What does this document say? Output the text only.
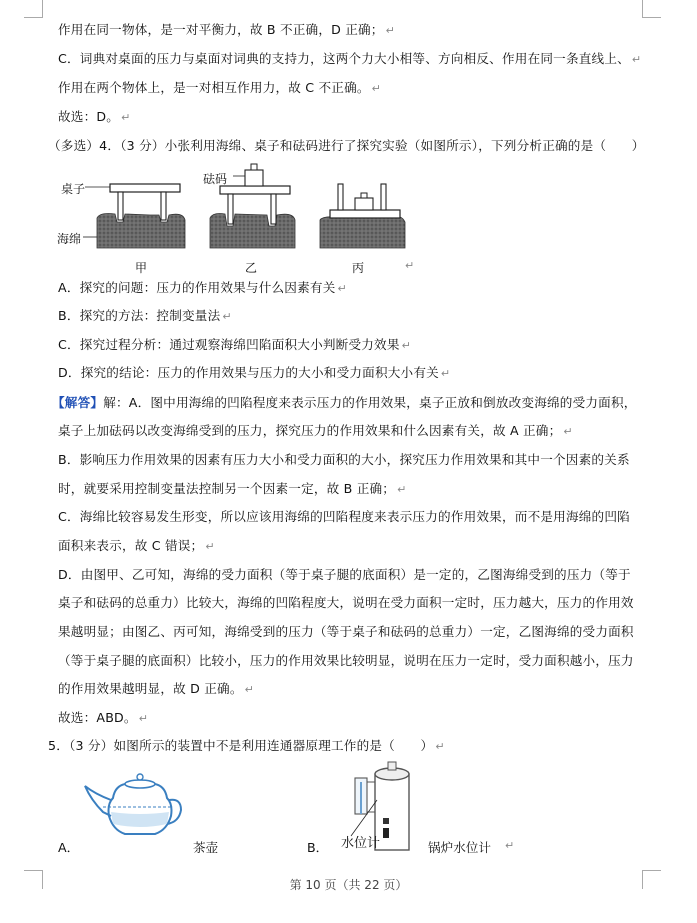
作用在同一物体，是一对平衡力，故 B 不正确，D 正确； ↵
C．词典对桌面的压力与桌面对词典的支持力，这两个力大小相等、方向相反、作用在同一条直线上、 ↵
作用在两个物体上，是一对相互作用力，故 C 不正确。 ↵
故选：D。 ↵
（多选）4．（3 分）小张利用海绵、桌子和砝码进行了探究实验（如图所示），下列分析正确的是（　　）
桌子
砝码
海绵
甲	乙	丙	↵
A．探究的问题：压力的作用效果与什么因素有关 ↵
B．探究的方法：控制变量法 ↵
C．探究过程分析：通过观察海绵凹陷面积大小判断受力效果 ↵
D．探究的结论：压力的作用效果与压力的大小和受力面积大小有关 ↵
【解答】解：A．图中用海绵的凹陷程度来表示压力的作用效果，桌子正放和倒放改变海绵的受力面积，
桌子上加砝码以改变海绵受到的压力，探究压力的作用效果和什么因素有关，故 A 正确； ↵
B．影响压力作用效果的因素有压力大小和受力面积的大小，探究压力作用效果和其中一个因素的关系
时，就要采用控制变量法控制另一个因素一定，故 B 正确； ↵
C．海绵比较容易发生形变，所以应该用海绵的凹陷程度来表示压力的作用效果，而不是用海绵的凹陷
面积来表示，故 C 错误； ↵
D．由图甲、乙可知，海绵的受力面积（等于桌子腿的底面积）是一定的，乙图海绵受到的压力（等于
桌子和砝码的总重力）比较大，海绵的凹陷程度大，说明在受力面积一定时，压力越大，压力的作用效
果越明显；由图乙、丙可知，海绵受到的压力（等于桌子和砝码的总重力）一定，乙图海绵的受力面积
（等于桌子腿的底面积）比较小，压力的作用效果比较明显，说明在压力一定时，受力面积越小，压力
的作用效果越明显，故 D 正确。 ↵
故选：ABD。 ↵
5．（3 分）如图所示的装置中不是利用连通器原理工作的是（　　） ↵
水位计
A．	茶壶	B．	锅炉水位计 ↵
第 10 页（共 22 页）
